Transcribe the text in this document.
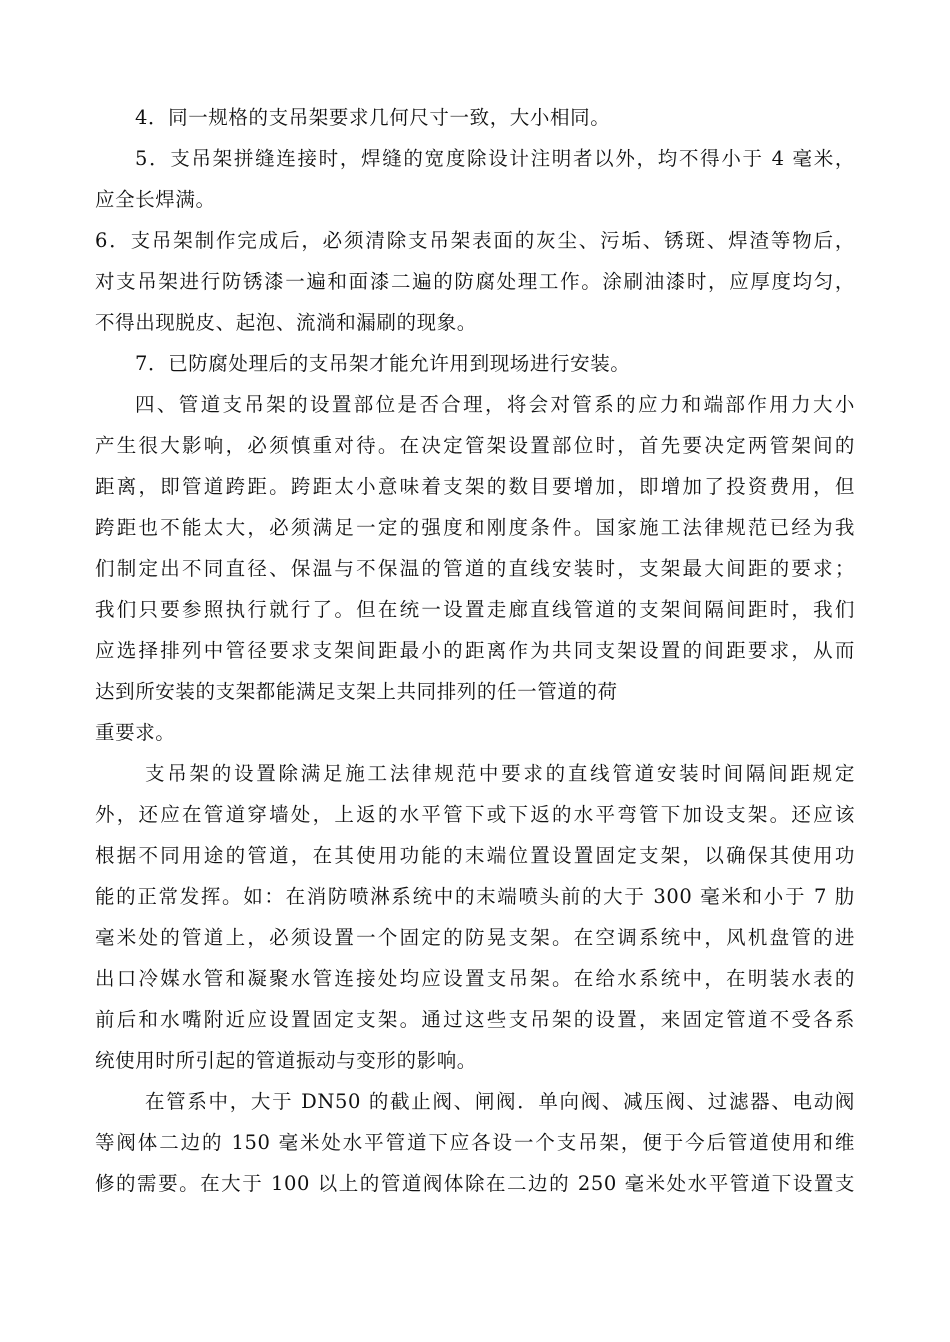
4．同一规格的支吊架要求几何尺寸一致，大小相同。
5．支吊架拼缝连接时，焊缝的宽度除设计注明者以外，均不得小于 4 毫米，
应全长焊满。
6．支吊架制作完成后，必须清除支吊架表面的灰尘、污垢、锈斑、焊渣等物后，
对支吊架进行防锈漆一遍和面漆二遍的防腐处理工作。涂刷油漆时，应厚度均匀，
不得出现脱皮、起泡、流淌和漏刷的现象。
7．已防腐处理后的支吊架才能允许用到现场进行安装。
四、管道支吊架的设置部位是否合理，将会对管系的应力和端部作用力大小
产生很大影响，必须慎重对待。在决定管架设置部位时，首先要决定两管架间的
距离，即管道跨距。跨距太小意味着支架的数目要增加，即增加了投资费用，但
跨距也不能太大，必须满足一定的强度和刚度条件。国家施工法律规范已经为我
们制定出不同直径、保温与不保温的管道的直线安装时，支架最大间距的要求；
我们只要参照执行就行了。但在统一设置走廊直线管道的支架间隔间距时，我们
应选择排列中管径要求支架间距最小的距离作为共同支架设置的间距要求，从而
达到所安装的支架都能满足支架上共同排列的任一管道的荷
重要求。
支吊架的设置除满足施工法律规范中要求的直线管道安装时间隔间距规定
外，还应在管道穿墙处，上返的水平管下或下返的水平弯管下加设支架。还应该
根据不同用途的管道，在其使用功能的末端位置设置固定支架，以确保其使用功
能的正常发挥。如：在消防喷淋系统中的末端喷头前的大于 300 毫米和小于 7 肋
毫米处的管道上，必须设置一个固定的防晃支架。在空调系统中，风机盘管的进
出口冷媒水管和凝聚水管连接处均应设置支吊架。在给水系统中，在明装水表的
前后和水嘴附近应设置固定支架。通过这些支吊架的设置，来固定管道不受各系
统使用时所引起的管道振动与变形的影响。
在管系中，大于 DN50 的截止阀、闸阀．单向阀、减压阀、过滤器、电动阀
等阀体二边的 150 毫米处水平管道下应各设一个支吊架，便于今后管道使用和维
修的需要。在大于 100 以上的管道阀体除在二边的 250 毫米处水平管道下设置支
